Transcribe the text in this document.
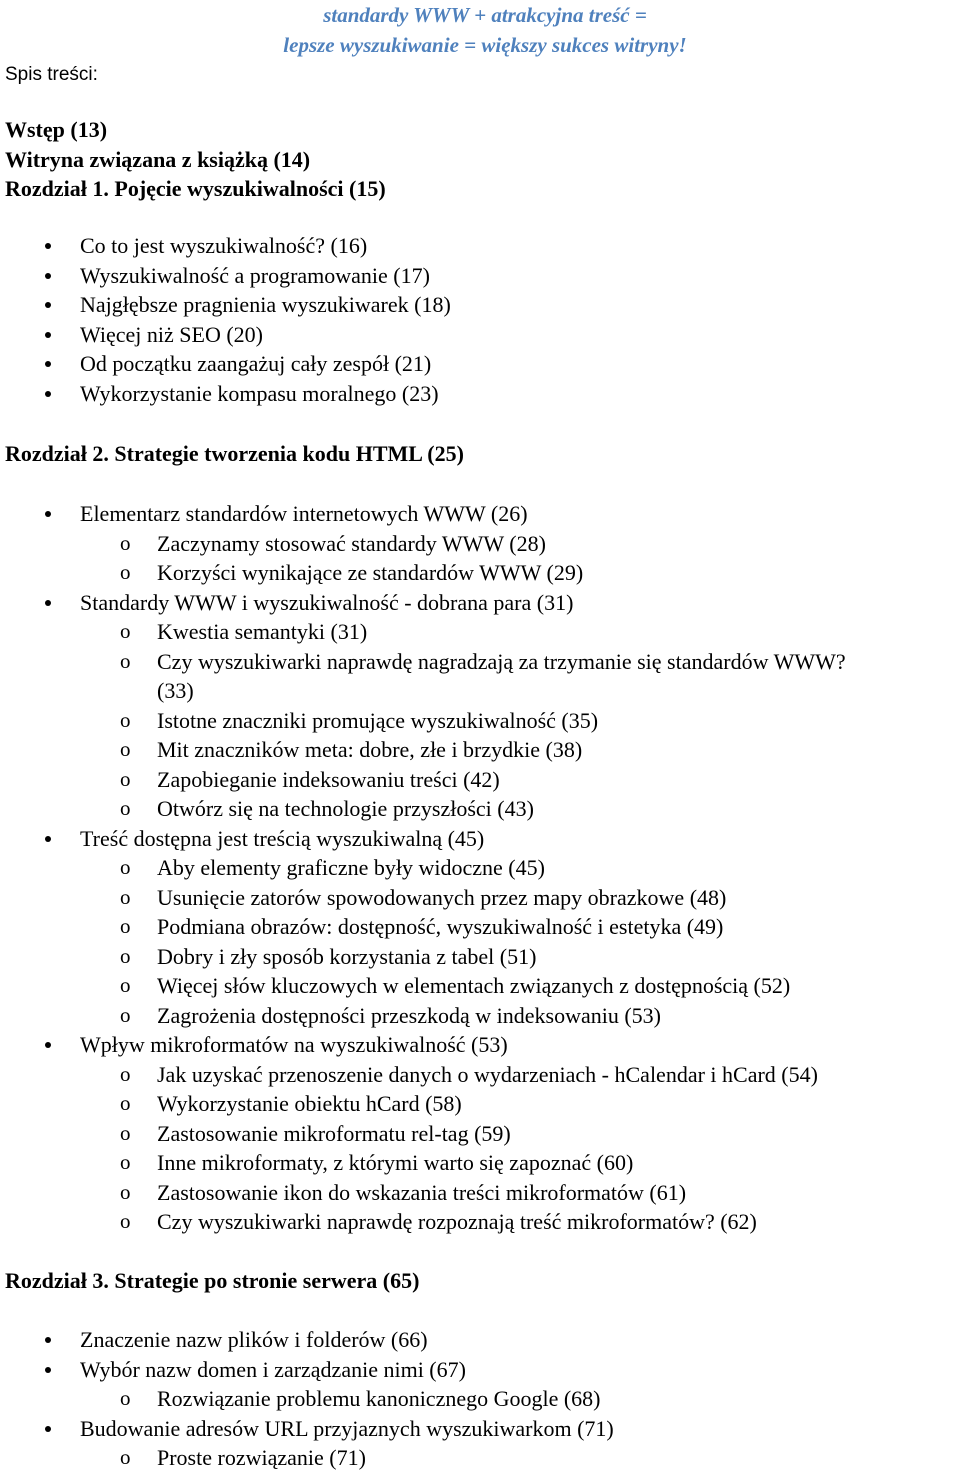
standardy WWW + atrakcyjna treść =
lepsze wyszukiwanie = większy sukces witryny!
Spis treści:
Wstęp (13)
Witryna związana z książką (14)
Rozdział 1. Pojęcie wyszukiwalności (15)
Co to jest wyszukiwalność? (16)
Wyszukiwalność a programowanie (17)
Najgłębsze pragnienia wyszukiwarek (18)
Więcej niż SEO (20)
Od początku zaangażuj cały zespół (21)
Wykorzystanie kompasu moralnego (23)
Rozdział 2. Strategie tworzenia kodu HTML (25)
Elementarz standardów internetowych WWW (26)
o Zaczynamy stosować standardy WWW (28)
o Korzyści wynikające ze standardów WWW (29)
Standardy WWW i wyszukiwalność - dobrana para (31)
o Kwestia semantyki (31)
o Czy wyszukiwarki naprawdę nagradzają za trzymanie się standardów WWW?
(33)
o Istotne znaczniki promujące wyszukiwalność (35)
o Mit znaczników meta: dobre, złe i brzydkie (38)
o Zapobieganie indeksowaniu treści (42)
o Otwórz się na technologie przyszłości (43)
Treść dostępna jest treścią wyszukiwalną (45)
o Aby elementy graficzne były widoczne (45)
o Usunięcie zatorów spowodowanych przez mapy obrazkowe (48)
o Podmiana obrazów: dostępność, wyszukiwalność i estetyka (49)
o Dobry i zły sposób korzystania z tabel (51)
o Więcej słów kluczowych w elementach związanych z dostępnością (52)
o Zagrożenia dostępności przeszkodą w indeksowaniu (53)
Wpływ mikroformatów na wyszukiwalność (53)
o Jak uzyskać przenoszenie danych o wydarzeniach - hCalendar i hCard (54)
o Wykorzystanie obiektu hCard (58)
o Zastosowanie mikroformatu rel-tag (59)
o Inne mikroformaty, z którymi warto się zapoznać (60)
o Zastosowanie ikon do wskazania treści mikroformatów (61)
o Czy wyszukiwarki naprawdę rozpoznają treść mikroformatów? (62)
Rozdział 3. Strategie po stronie serwera (65)
Znaczenie nazw plików i folderów (66)
Wybór nazw domen i zarządzanie nimi (67)
o Rozwiązanie problemu kanonicznego Google (68)
Budowanie adresów URL przyjaznych wyszukiwarkom (71)
o Proste rozwiązanie (71)
